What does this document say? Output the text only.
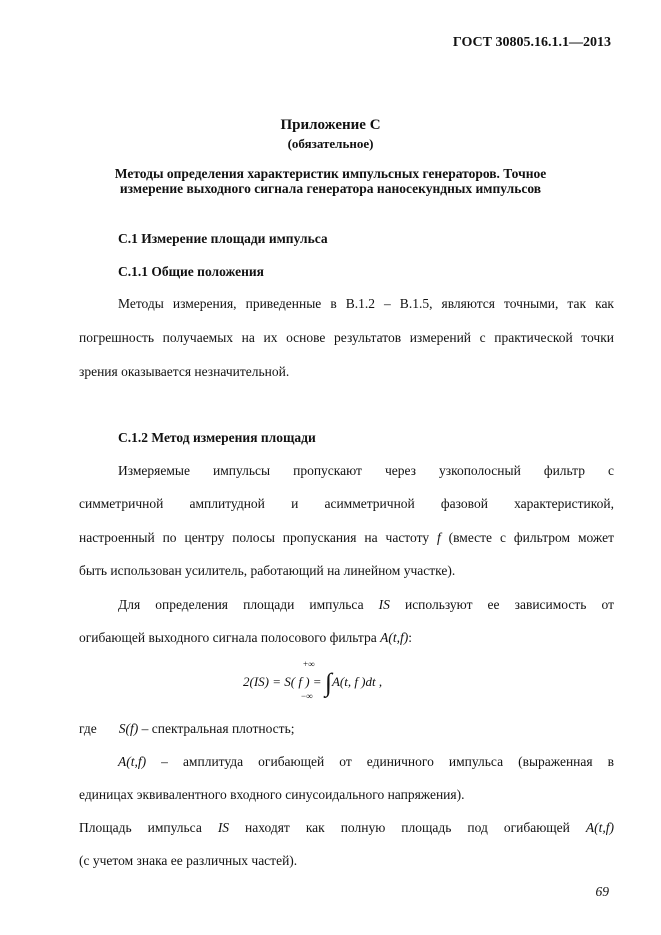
ГОСТ 30805.16.1.1—2013
Приложение С
(обязательное)
Методы определения характеристик импульсных генераторов. Точное
измерение выходного сигнала генератора наносекундных импульсов
С.1 Измерение площади импульса
С.1.1 Общие положения
Методы измерения, приведенные в В.1.2 – В.1.5, являются точными, так как
погрешность получаемых на их основе результатов измерений с практической точки
зрения оказывается незначительной.
С.1.2 Метод измерения площади
Измеряемые импульсы пропускают через узкополосный фильтр с
симметричной амплитудной и асимметричной фазовой характеристикой,
настроенный по центру полосы пропускания на частоту f (вместе с фильтром может
быть использован усилитель, работающий на линейном участке).
Для определения площади импульса IS используют ее зависимость от
огибающей выходного сигнала полосового фильтра A(t,f):
2(IS) = S( f ) = ∫A(t, f )dt ,
+∞
−∞
где S(f) – спектральная плотность;
A(t,f) – амплитуда огибающей от единичного импульса (выраженная в
единицах эквивалентного входного синусоидального напряжения).
Площадь импульса IS находят как полную площадь под огибающей A(t,f)
(с учетом знака ее различных частей).
69
